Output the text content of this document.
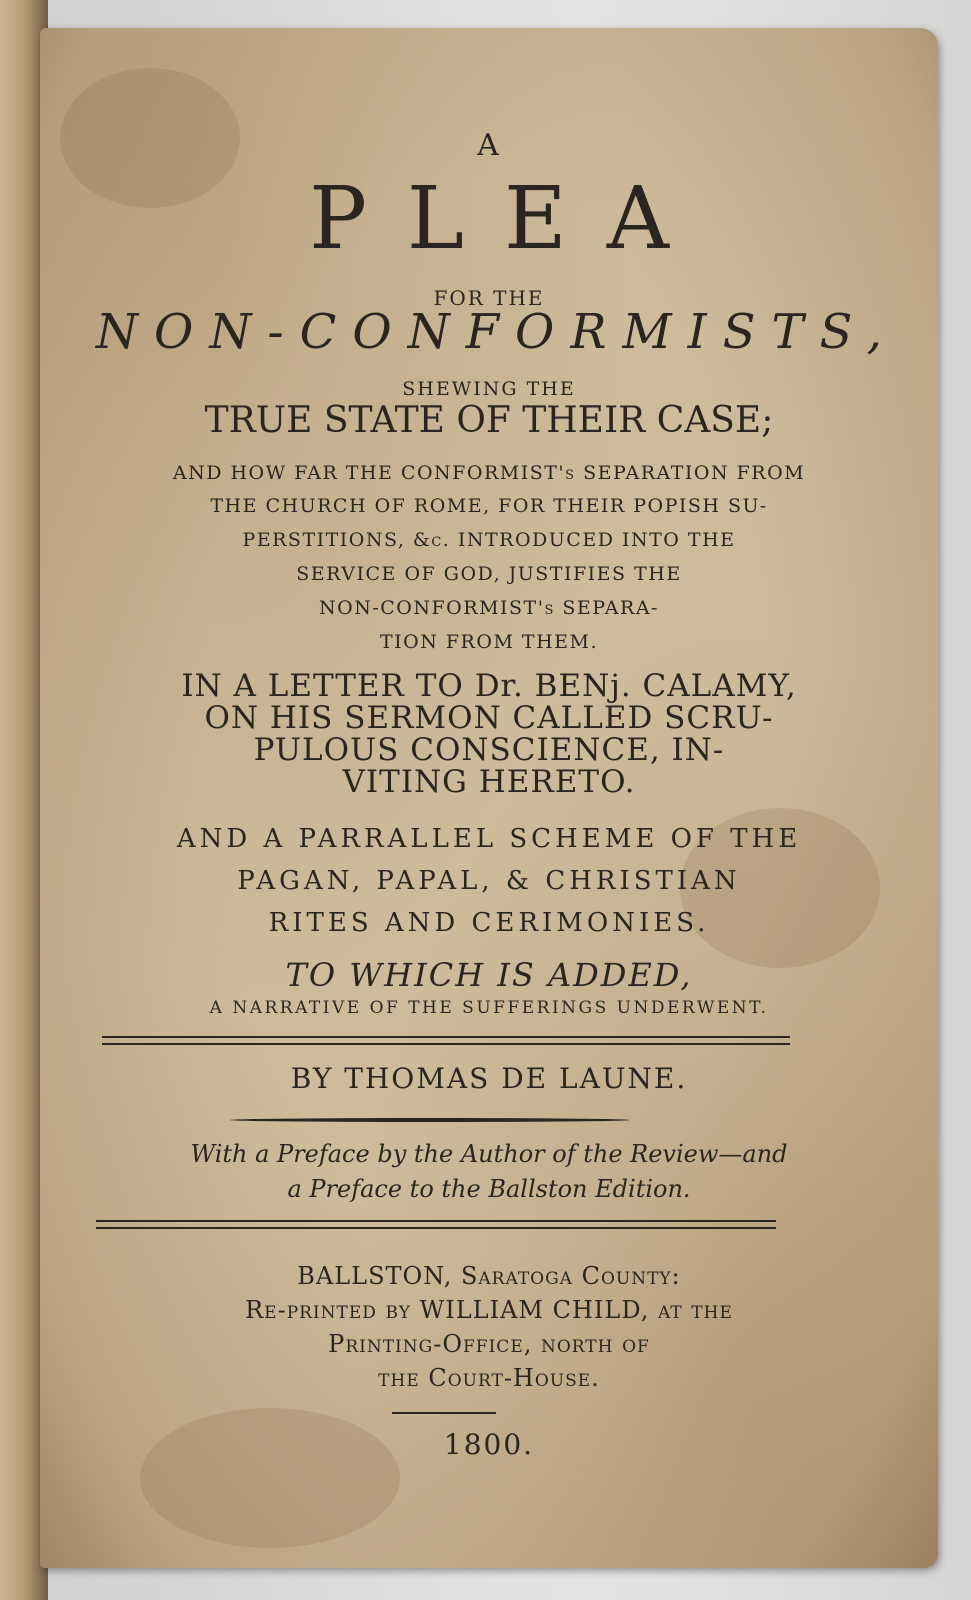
A

PLEA

FOR THE

NON-CONFORMISTS,

SHEWING THE

TRUE STATE OF THEIR CASE;

AND HOW FAR THE CONFORMIST's SEPARATION FROM

THE CHURCH OF ROME, FOR THEIR POPISH SU-

PERSTITIONS, &c. INTRODUCED INTO THE

SERVICE OF GOD, JUSTIFIES THE

NON-CONFORMIST's SEPARA-

TION FROM THEM.

IN A LETTER TO Dr. BENj. CALAMY,

ON HIS SERMON CALLED SCRU-

PULOUS CONSCIENCE, IN-

VITING HERETO.

AND A PARRALLEL SCHEME OF THE

PAGAN, PAPAL, & CHRISTIAN

RITES AND CERIMONIES.

TO WHICH IS ADDED,

A NARRATIVE OF THE SUFFERINGS UNDERWENT.

BY THOMAS DE LAUNE.

With a Preface by the Author of the Review—and

a Preface to the Ballston Edition.

BALLSTON, Saratoga County:

Re-printed by WILLIAM CHILD, at the

Printing-Office, north of

the Court-House.

1800.
